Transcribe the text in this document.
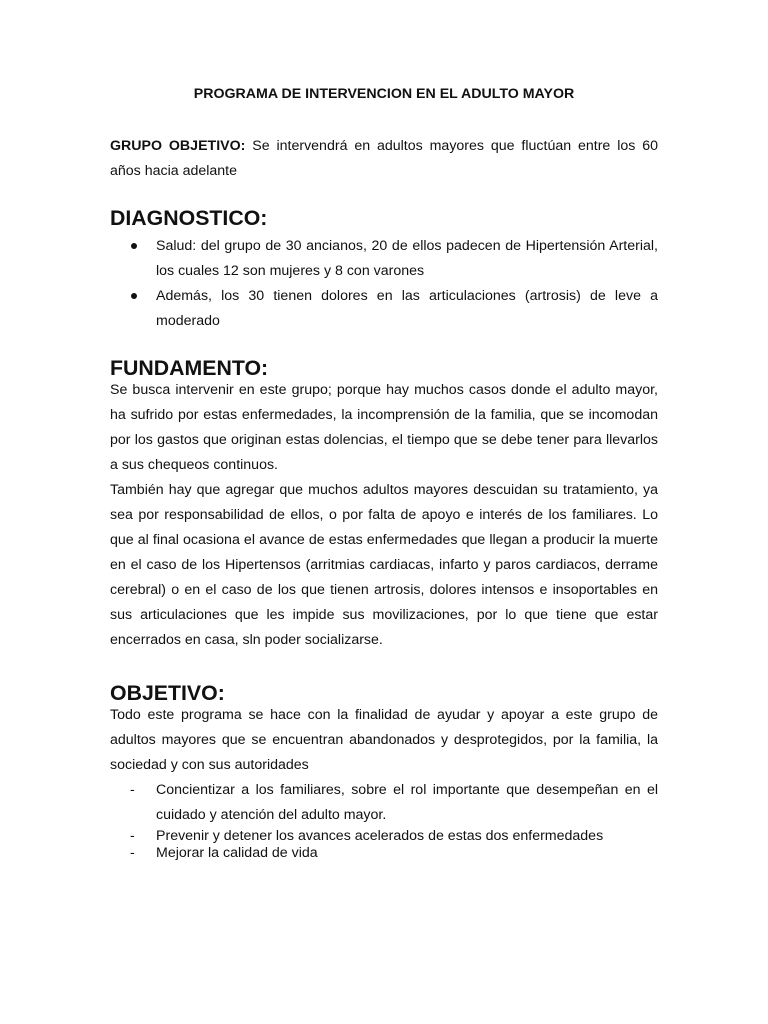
PROGRAMA DE INTERVENCION EN EL ADULTO MAYOR

GRUPO OBJETIVO: Se intervendrá en adultos mayores que fluctúan entre los 60 años hacia adelante

DIAGNOSTICO:
Salud: del grupo de 30 ancianos, 20 de ellos padecen de Hipertensión Arterial, los cuales 12 son mujeres y 8 con varones
Además, los 30 tienen dolores en las articulaciones (artrosis) de leve a moderado
FUNDAMENTO:

Se busca intervenir en este grupo; porque hay muchos casos donde el adulto mayor, ha sufrido por estas enfermedades, la incomprensión de la familia, que se incomodan por los gastos que originan estas dolencias, el tiempo que se debe tener para llevarlos a sus chequeos continuos.

También hay que agregar que muchos adultos mayores descuidan su tratamiento, ya sea por responsabilidad de ellos, o por falta de apoyo e interés de los familiares. Lo que al final ocasiona el avance de estas enfermedades que llegan a producir la muerte en el caso de los Hipertensos (arritmias cardiacas, infarto y paros cardiacos, derrame cerebral) o en el caso de los que tienen artrosis, dolores intensos e insoportables en sus articulaciones que les impide sus movilizaciones, por lo que tiene que estar encerrados en casa, sln poder socializarse.

OBJETIVO:

Todo este programa se hace con la finalidad de ayudar y apoyar a este grupo de adultos mayores que se encuentran abandonados y desprotegidos, por la familia, la sociedad y con sus autoridades

- Concientizar a los familiares, sobre el rol importante que desempeñan en el cuidado y atención del adulto mayor.
- Prevenir y detener los avances acelerados de estas dos enfermedades
- Mejorar la calidad de vida
